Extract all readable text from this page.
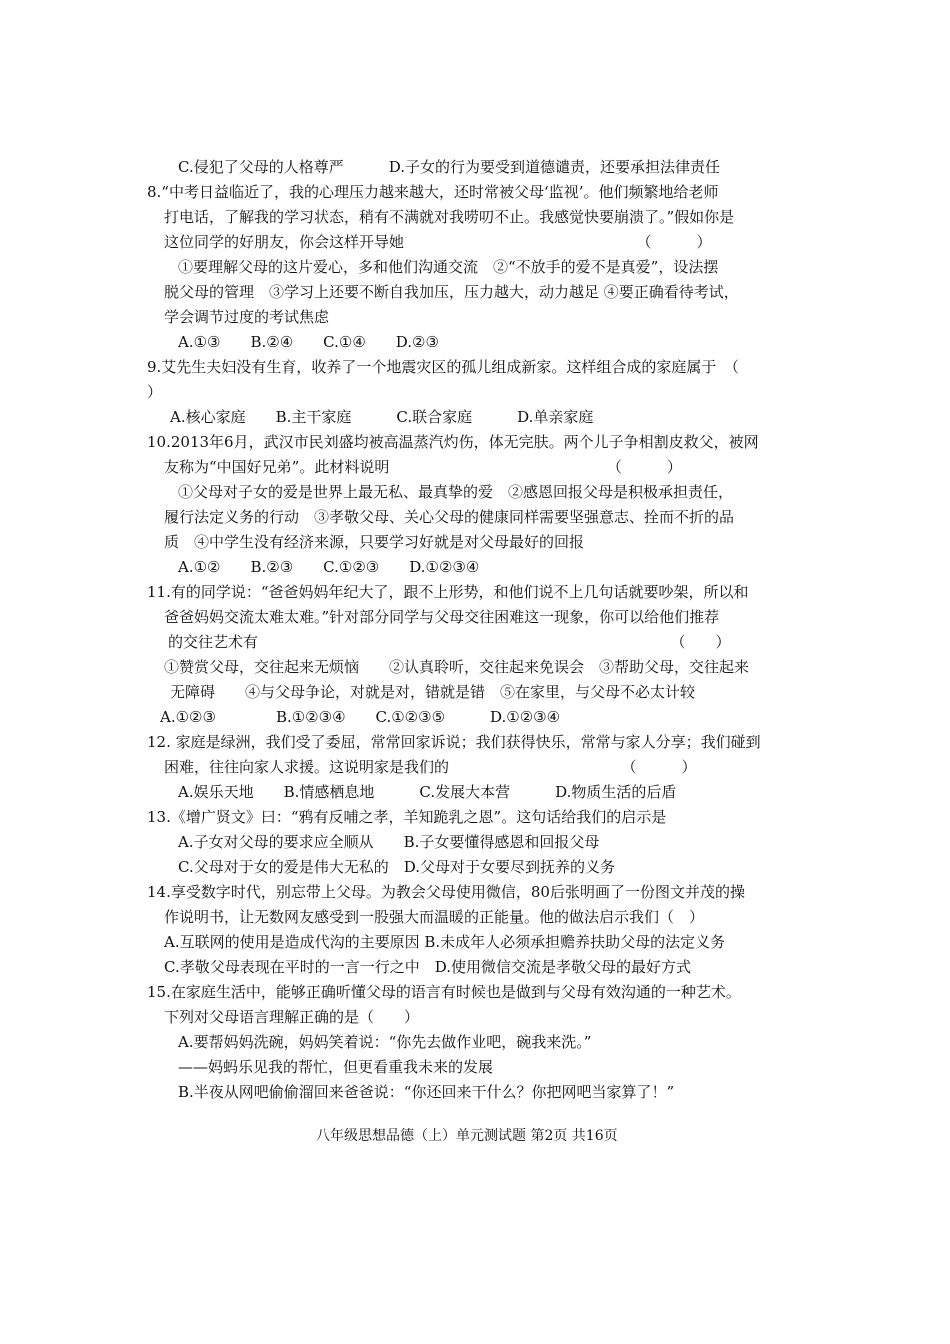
C.侵犯了父母的人格尊严　　　D.子女的行为要受到道德谴责，还要承担法律责任
8.“中考日益临近了，我的心理压力越来越大，还时常被父母‘监视’。他们频繁地给老师
打电话，了解我的学习状态，稍有不满就对我唠叨不止。我感觉快要崩溃了。”假如你是
这位同学的好朋友，你会这样开导她　　　　　　　　　　　　　　　　（　　　）
①要理解父母的这片爱心，多和他们沟通交流　②“不放手的爱不是真爱”，设法摆
脱父母的管理　③学习上还要不断自我加压，压力越大，动力越足 ④要正确看待考试，
学会调节过度的考试焦虑
A.①③　　B.②④　　C.①④　　D.②③
9.艾先生夫妇没有生育，收养了一个地震灾区的孤儿组成新家。这样组合成的家庭属于　（
）
A.核心家庭　　B.主干家庭　　　C.联合家庭　　　D.单亲家庭
10.2013年6月，武汉市民刘盛均被高温蒸汽灼伤，体无完肤。两个儿子争相割皮救父，被网
友称为“中国好兄弟”。此材料说明　　　　　　　　　　　　　　　（　　　）
①父母对子女的爱是世界上最无私、最真挚的爱　②感恩回报父母是积极承担责任，
履行法定义务的行动　③孝敬父母、关心父母的健康同样需要坚强意志、拴而不折的品
质　④中学生没有经济来源，只要学习好就是对父母最好的回报
A.①②　　B.②③　　C.①②③　　D.①②③④
11.有的同学说：“爸爸妈妈年纪大了，跟不上形势，和他们说不上几句话就要吵架，所以和
爸爸妈妈交流太难太难。”针对部分同学与父母交往困难这一现象，你可以给他们推荐
的交往艺术有　　　　　　　　　　　　　　　　　　　　　　　　　　　　（　　）
①赞赏父母，交往起来无烦恼　　②认真聆听，交往起来免误会　③帮助父母，交往起来
无障碍　　④与父母争论，对就是对，错就是错　⑤在家里，与父母不必太计较
A.①②③　　　　B.①②③④　　C.①②③⑤　　　D.①②③④
12. 家庭是绿洲，我们受了委屈，常常回家诉说；我们获得快乐，常常与家人分享；我们碰到
困难，往往向家人求援。这说明家是我们的　　　　　　　　　　　　（　　　）
A.娱乐天地　　B.情感栖息地　　　C.发展大本营　　　D.物质生活的后盾
13.《增广贤文》曰：“鸦有反哺之孝，羊知跪乳之恩”。这句话给我们的启示是
A.子女对父母的要求应全顺从　　B.子女要懂得感恩和回报父母
C.父母对于女的爱是伟大无私的　D.父母对于女要尽到抚养的义务
14.享受数字时代，别忘带上父母。为教会父母使用微信，80后张明画了一份图文并茂的操
作说明书，让无数网友感受到一股强大而温暖的正能量。他的做法启示我们（　）
A.互联网的使用是造成代沟的主要原因 B.未成年人必须承担赡养扶助父母的法定义务
C.孝敬父母表现在平时的一言一行之中　D.使用微信交流是孝敬父母的最好方式
15.在家庭生活中，能够正确听懂父母的语言有时候也是做到与父母有效沟通的一种艺术。
下列对父母语言理解正确的是（　　）
A.要帮妈妈洗碗，妈妈笑着说：“你先去做作业吧，碗我来洗。”
——妈蚂乐见我的帮忙，但更看重我未来的发展
B.半夜从网吧偷偷溜回来爸爸说：“你还回来干什么？你把网吧当家算了！”
八年级思想品德（上）单元测试题 第2页 共16页
